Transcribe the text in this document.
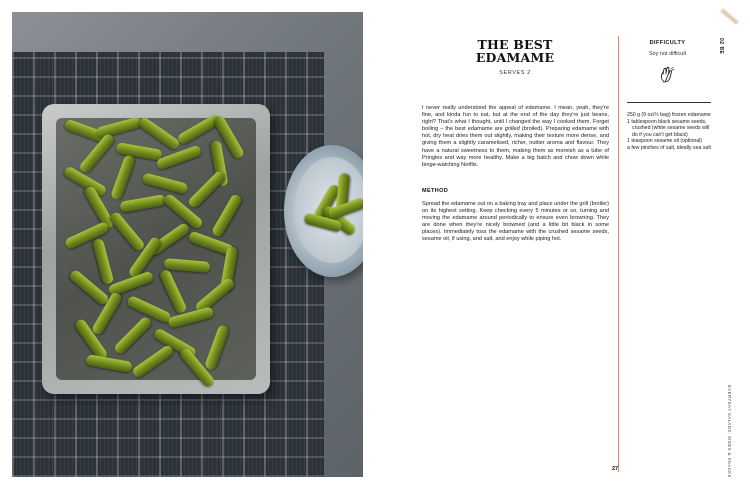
THE BEST
EDAMAME
SERVES 2
I never really understood the appeal of edamame. I mean, yeah, they're fine, and kinda fun to eat, but at the end of the day they're just beans, right? That's what I thought, until I changed the way I cooked them. Forget boiling – the best edamame are grilled (broiled). Preparing edamame with hot, dry heat dries them out slightly, making their texture more dense, and giving them a slightly caramelised, richer, nuttier aroma and flavour. They have a natural sweetness to them, making them as moreish as a tube of Pringles and way more healthy. Make a big batch and chow down while binge-watching Netflix.
METHOD
Spread the edamame out on a baking tray and place under the grill (broiler) on its highest setting. Keep checking every 5 minutes or so, turning and moving the edamame around periodically to ensure even browning. They are done when they're nicely browned (and a little bit black in some places). Immediately toss the edamame with the crushed sesame seeds, sesame oil, if using, and salt, and enjoy while piping hot.
DIFFICULTY
Soy not difficult
250 g (9 oz/½ bag) frozen edamame
1 tablespoon black sesame seeds, crushed (white sesame seeds will do if you can't get black)
1 teaspoon sesame oil (optional)
a few pinches of salt, ideally sea salt
27
02 BE
EVERYDAY SALADS, SIDES & SNACKS
